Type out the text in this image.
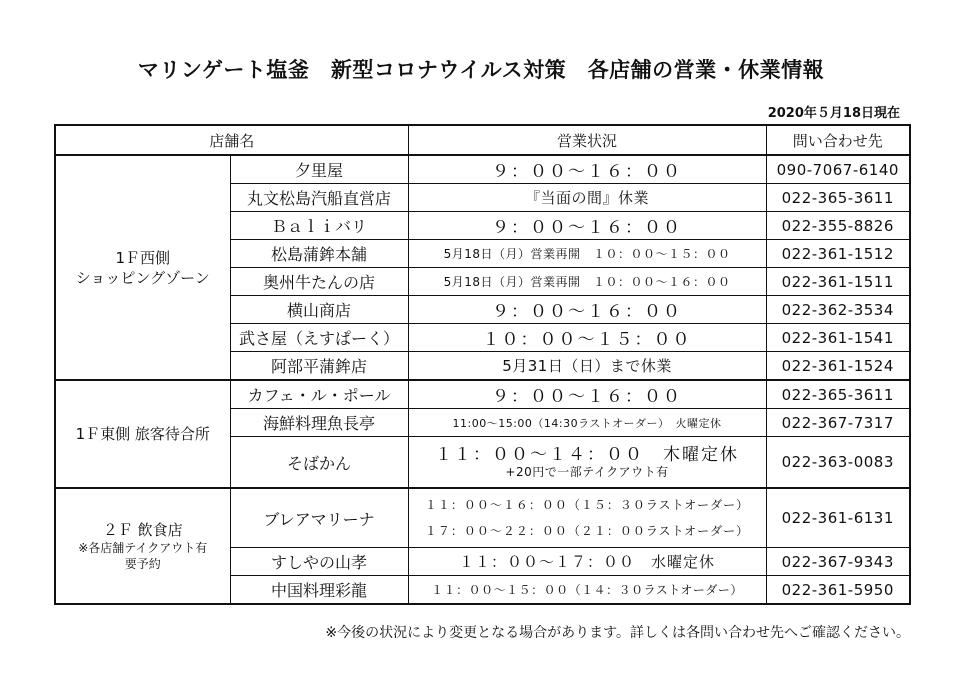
マリンゲート塩釜　新型コロナウイルス対策　各店舗の営業・休業情報
2020年５月18日現在
店舗名		営業状況	問い合わせ先
1Ｆ西側
ショッピングゾーン	夕里屋	９：００～１６：００	090-7067-6140
	丸文松島汽船直営店	『当面の間』休業	022-365-3611
	Ｂａｌｉバリ	９：００～１６：００	022-355-8826
	松島蒲鉾本舗	5月18日（月）営業再開　１０：００～１５：００	022-361-1512
	奥州牛たんの店	5月18日（月）営業再開　１０：００～１６：００	022-361-1511
	横山商店	９：００～１６：００	022-362-3534
	武さ屋（えすぱーく）	１０：００～１５：００	022-361-1541
	阿部平蒲鉾店	5月31日（日）まで休業	022-361-1524
1Ｆ東側 旅客待合所	カフェ・ル・ポール	９：００～１６：００	022-365-3611
	海鮮料理魚長亭	11:00～15:00（14:30ラストオーダー）　火曜定休	022-367-7317
	そばかん	１１：００～１４：００　木曜定休
+20円で一部テイクアウト有	022-363-0083
２Ｆ 飲食店
※各店舗テイクアウト有
要予約	ブレアマリーナ	１１：００～１６：００（１５：３０ラストオーダー）
１７：００～２２：００（２１：００ラストオーダー）	022-361-6131
	すしやの山孝	１１：００～１７：００　水曜定休	022-367-9343
	中国料理彩龍	１１：００～１５：００（１４：３０ラストオーダー）	022-361-5950
※今後の状況により変更となる場合があります。詳しくは各問い合わせ先へご確認ください。
